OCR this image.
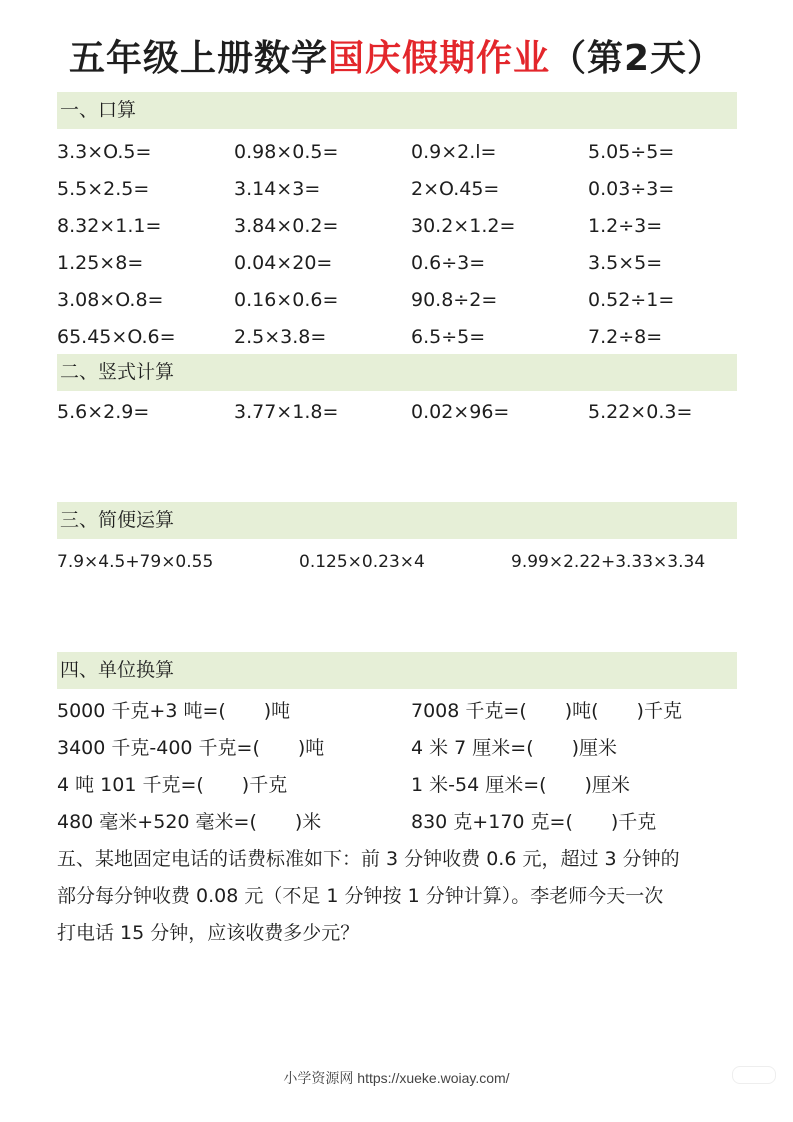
五年级上册数学国庆假期作业（第2天）
一、口算
3.3×O.5=	0.98×0.5=	0.9×2.l=	5.05÷5=
5.5×2.5=	3.14×3=	2×O.45=	0.03÷3=
8.32×1.1=	3.84×0.2=	30.2×1.2=	1.2÷3=
1.25×8=	0.04×20=	0.6÷3=	3.5×5=
3.08×O.8=	0.16×0.6=	90.8÷2=	0.52÷1=
65.45×O.6=	2.5×3.8=	6.5÷5=	7.2÷8=
二、竖式计算
5.6×2.9=	3.77×1.8=	0.02×96=	5.22×0.3=
三、简便运算
7.9×4.5+79×0.55	0.125×0.23×4	9.99×2.22+3.33×3.34
四、单位换算
5000 千克+3 吨=(　　)吨	7008 千克=(　　)吨(　　)千克
3400 千克-400 千克=(　　)吨	4 米 7 厘米=(　　)厘米
4 吨 101 千克=(　　)千克	1 米-54 厘米=(　　)厘米
480 毫米+520 毫米=(　　)米	830 克+170 克=(　　)千克
五、某地固定电话的话费标准如下：前 3 分钟收费 0.6 元，超过 3 分钟的
部分每分钟收费 0.08 元（不足 1 分钟按 1 分钟计算）。李老师今天一次
打电话 15 分钟，应该收费多少元？
小学资源网 https://xueke.woiay.com/
